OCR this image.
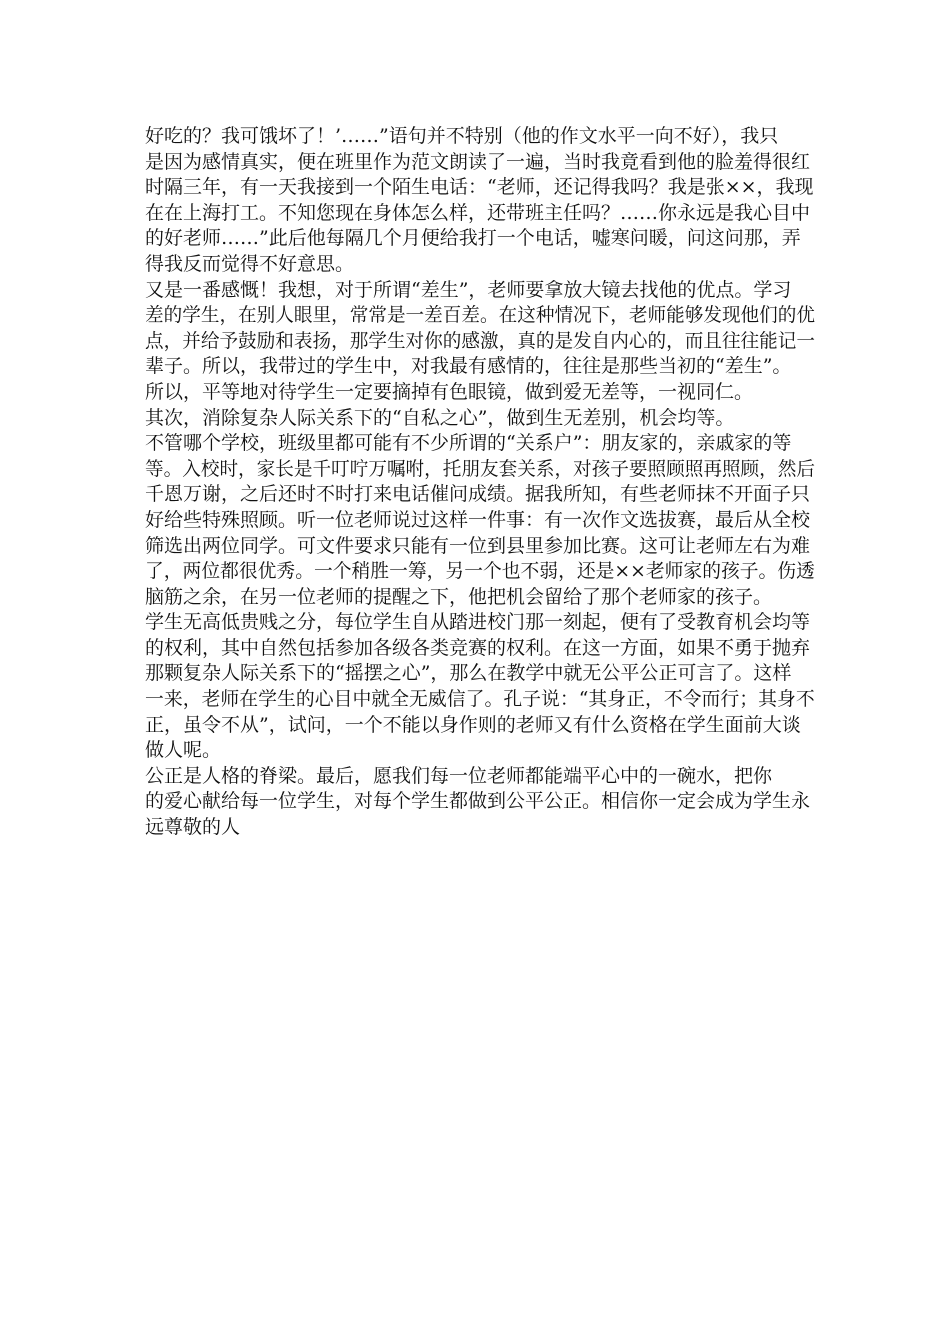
好吃的？我可饿坏了！’……”语句并不特别（他的作文水平一向不好），我只
是因为感情真实，便在班里作为范文朗读了一遍，当时我竟看到他的脸羞得很红
时隔三年，有一天我接到一个陌生电话：“老师，还记得我吗？我是张××，我现
在在上海打工。不知您现在身体怎么样，还带班主任吗？……你永远是我心目中
的好老师……”此后他每隔几个月便给我打一个电话，嘘寒问暖，问这问那，弄
得我反而觉得不好意思。
又是一番感慨！我想，对于所谓“差生”，老师要拿放大镜去找他的优点。学习
差的学生，在别人眼里，常常是一差百差。在这种情况下，老师能够发现他们的优
点，并给予鼓励和表扬，那学生对你的感激，真的是发自内心的，而且往往能记一
辈子。所以，我带过的学生中，对我最有感情的，往往是那些当初的“差生”。
所以，平等地对待学生一定要摘掉有色眼镜，做到爱无差等，一视同仁。
其次，消除复杂人际关系下的“自私之心”，做到生无差别，机会均等。
不管哪个学校，班级里都可能有不少所谓的“关系户”：朋友家的，亲戚家的等
等。入校时，家长是千叮咛万嘱咐，托朋友套关系，对孩子要照顾照再照顾，然后
千恩万谢，之后还时不时打来电话催问成绩。据我所知，有些老师抹不开面子只
好给些特殊照顾。听一位老师说过这样一件事：有一次作文选拔赛，最后从全校
筛选出两位同学。可文件要求只能有一位到县里参加比赛。这可让老师左右为难
了，两位都很优秀。一个稍胜一筹，另一个也不弱，还是××老师家的孩子。伤透
脑筋之余，在另一位老师的提醒之下，他把机会留给了那个老师家的孩子。
学生无高低贵贱之分，每位学生自从踏进校门那一刻起，便有了受教育机会均等
的权利，其中自然包括参加各级各类竞赛的权利。在这一方面，如果不勇于抛弃
那颗复杂人际关系下的“摇摆之心”，那么在教学中就无公平公正可言了。这样
一来，老师在学生的心目中就全无威信了。孔子说：“其身正，不令而行；其身不
正，虽令不从”，试问，一个不能以身作则的老师又有什么资格在学生面前大谈
做人呢。
公正是人格的脊梁。最后，愿我们每一位老师都能端平心中的一碗水，把你
的爱心献给每一位学生，对每个学生都做到公平公正。相信你一定会成为学生永
远尊敬的人
